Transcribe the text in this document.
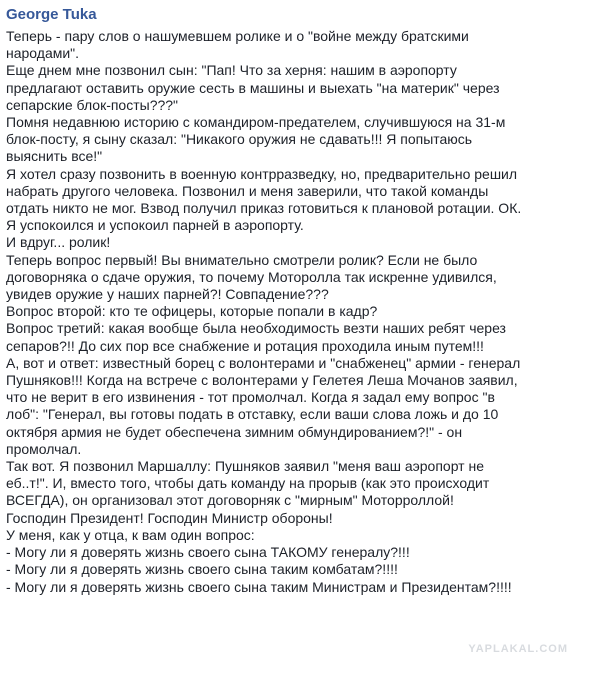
George Tuka

Теперь - пару слов о нашумевшем ролике и о "войне между братскими

народами".

Еще днем мне позвонил сын: "Пап! Что за херня: нашим в аэропорту

предлагают оставить оружие сесть в машины и выехать "на материк" через

сепарские блок-посты???"

Помня недавнюю историю с командиром-предателем, случившуюся на 31-м

блок-посту, я сыну сказал: "Никакого оружия не сдавать!!! Я попытаюсь

выяснить все!"

Я хотел сразу позвонить в военную контрразведку, но, предварительно решил

набрать другого человека. Позвонил и меня заверили, что такой команды

отдать никто не мог. Взвод получил приказ готовиться к плановой ротации. ОК.

Я успокоился и успокоил парней в аэропорту.

И вдруг... ролик!

Теперь вопрос первый! Вы внимательно смотрели ролик? Если не было

договорняка о сдаче оружия, то почему Моторолла так искренне удивился,

увидев оружие у наших парней?! Совпадение???

Вопрос второй: кто те офицеры, которые попали в кадр?

Вопрос третий: какая вообще была необходимость везти наших ребят через

сепаров?!! До сих пор все снабжение и ротация проходила иным путем!!!

А, вот и ответ: известный борец с волонтерами и "снабженец" армии - генерал

Пушняков!!! Когда на встрече с волонтерами у Гелетея Леша Мочанов заявил,

что не верит в его извинения - тот промолчал. Когда я задал ему вопрос "в

лоб": "Генерал, вы готовы подать в отставку, если ваши слова ложь и до 10

октября армия не будет обеспечена зимним обмундированием?!" - он

промолчал.

Так вот. Я позвонил Маршаллу: Пушняков заявил "меня ваш аэропорт не

еб..т!". И, вместо того, чтобы дать команду на прорыв (как это происходит

ВСЕГДА), он организовал этот договорняк с "мирным" Моторроллой!

Господин Президент! Господин Министр обороны!

У меня, как у отца, к вам один вопрос:

- Могу ли я доверять жизнь своего сына ТАКОМУ генералу?!!!

- Могу ли я доверять жизнь своего сына таким комбатам?!!!!

- Могу ли я доверять жизнь своего сына таким Министрам и Президентам?!!!!

YAPLAKAL.COM
